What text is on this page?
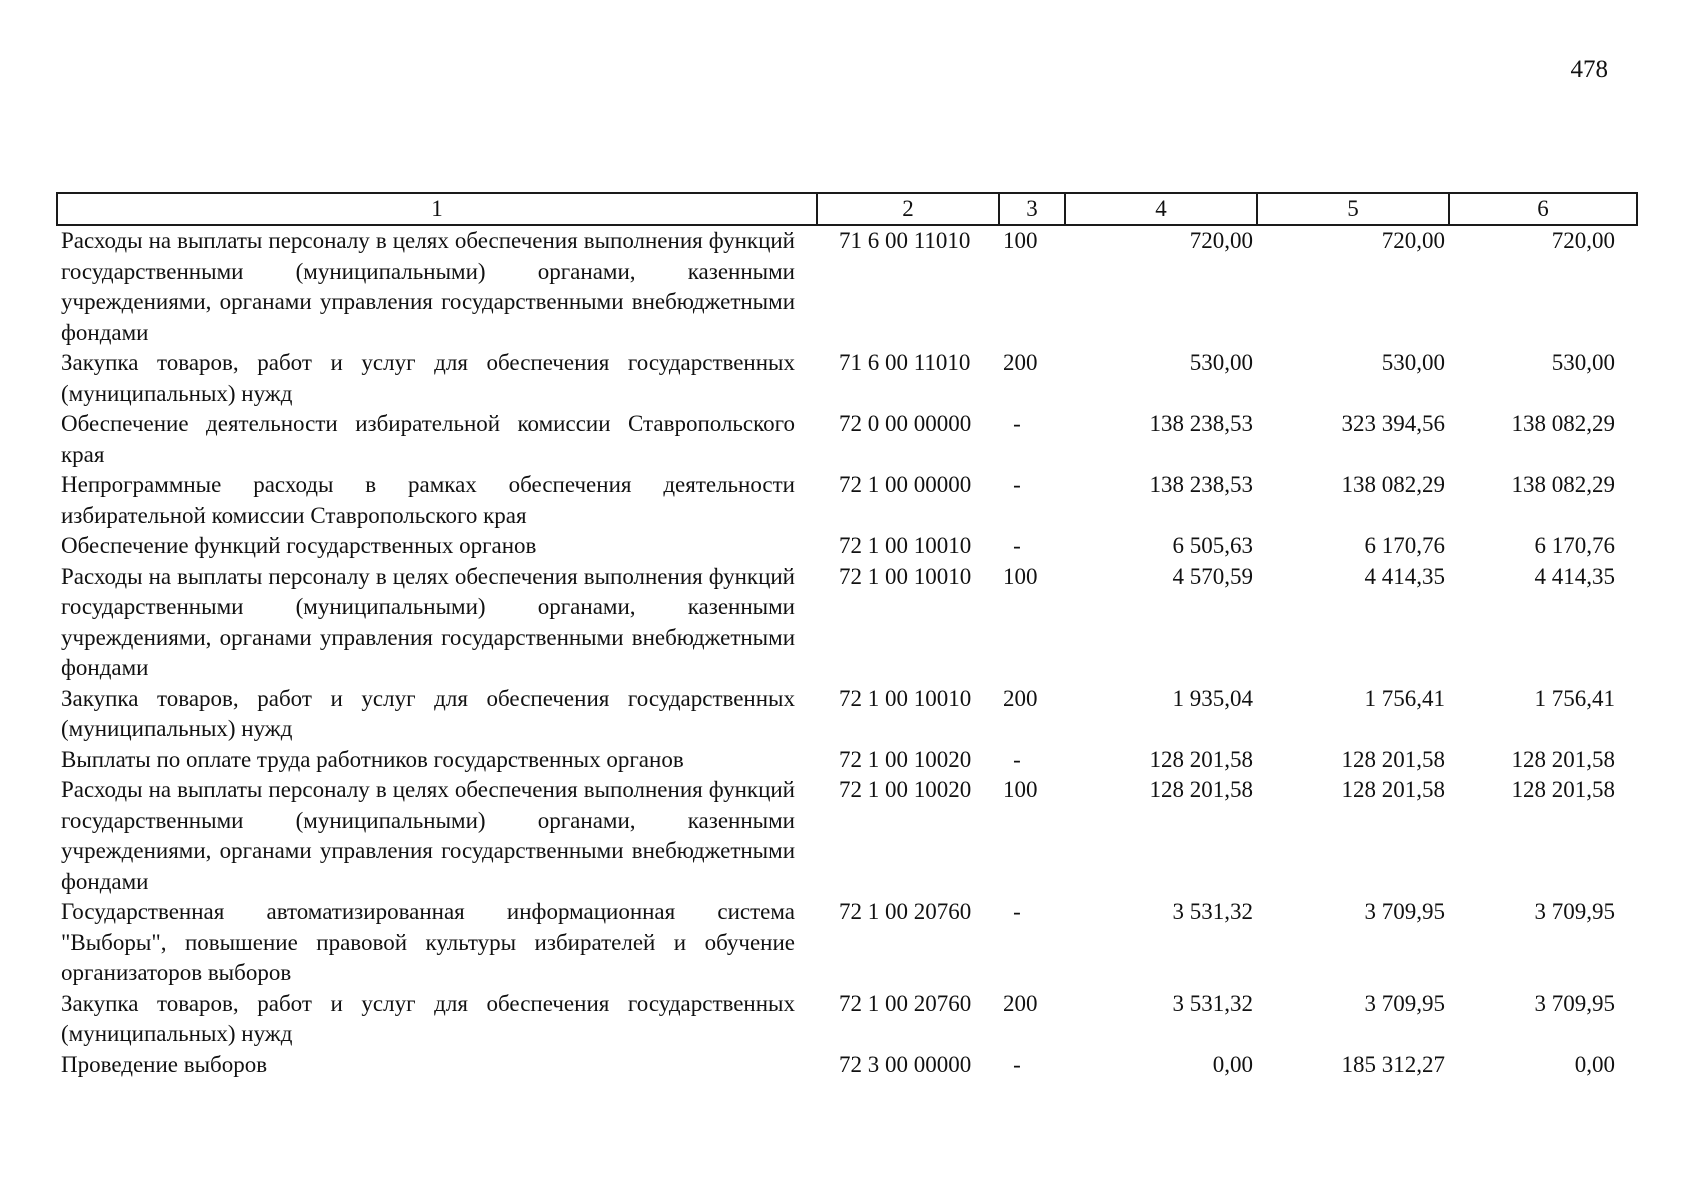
478
1	2	3	4	5	6
Расходы на выплаты персоналу в целях обеспечения выполнения функций государственными (муниципальными) органами, казенными учреждениями, органами управления государственными внебюджетными фондами	71 6 00 11010	100	720,00	720,00	720,00
Закупка товаров, работ и услуг для обеспечения государственных (муниципальных) нужд	71 6 00 11010	200	530,00	530,00	530,00
Обеспечение деятельности избирательной комиссии Ставропольского края	72 0 00 00000	-	138 238,53	323 394,56	138 082,29
Непрограммные расходы в рамках обеспечения деятельности избирательной комиссии Ставропольского края	72 1 00 00000	-	138 238,53	138 082,29	138 082,29
Обеспечение функций государственных органов	72 1 00 10010	-	6 505,63	6 170,76	6 170,76
Расходы на выплаты персоналу в целях обеспечения выполнения функций государственными (муниципальными) органами, казенными учреждениями, органами управления государственными внебюджетными фондами	72 1 00 10010	100	4 570,59	4 414,35	4 414,35
Закупка товаров, работ и услуг для обеспечения государственных (муниципальных) нужд	72 1 00 10010	200	1 935,04	1 756,41	1 756,41
Выплаты по оплате труда работников государственных органов	72 1 00 10020	-	128 201,58	128 201,58	128 201,58
Расходы на выплаты персоналу в целях обеспечения выполнения функций государственными (муниципальными) органами, казенными учреждениями, органами управления государственными внебюджетными фондами	72 1 00 10020	100	128 201,58	128 201,58	128 201,58
Государственная автоматизированная информационная система "Выборы", повышение правовой культуры избирателей и обучение организаторов выборов	72 1 00 20760	-	3 531,32	3 709,95	3 709,95
Закупка товаров, работ и услуг для обеспечения государственных (муниципальных) нужд	72 1 00 20760	200	3 531,32	3 709,95	3 709,95
Проведение выборов	72 3 00 00000	-	0,00	185 312,27	0,00
